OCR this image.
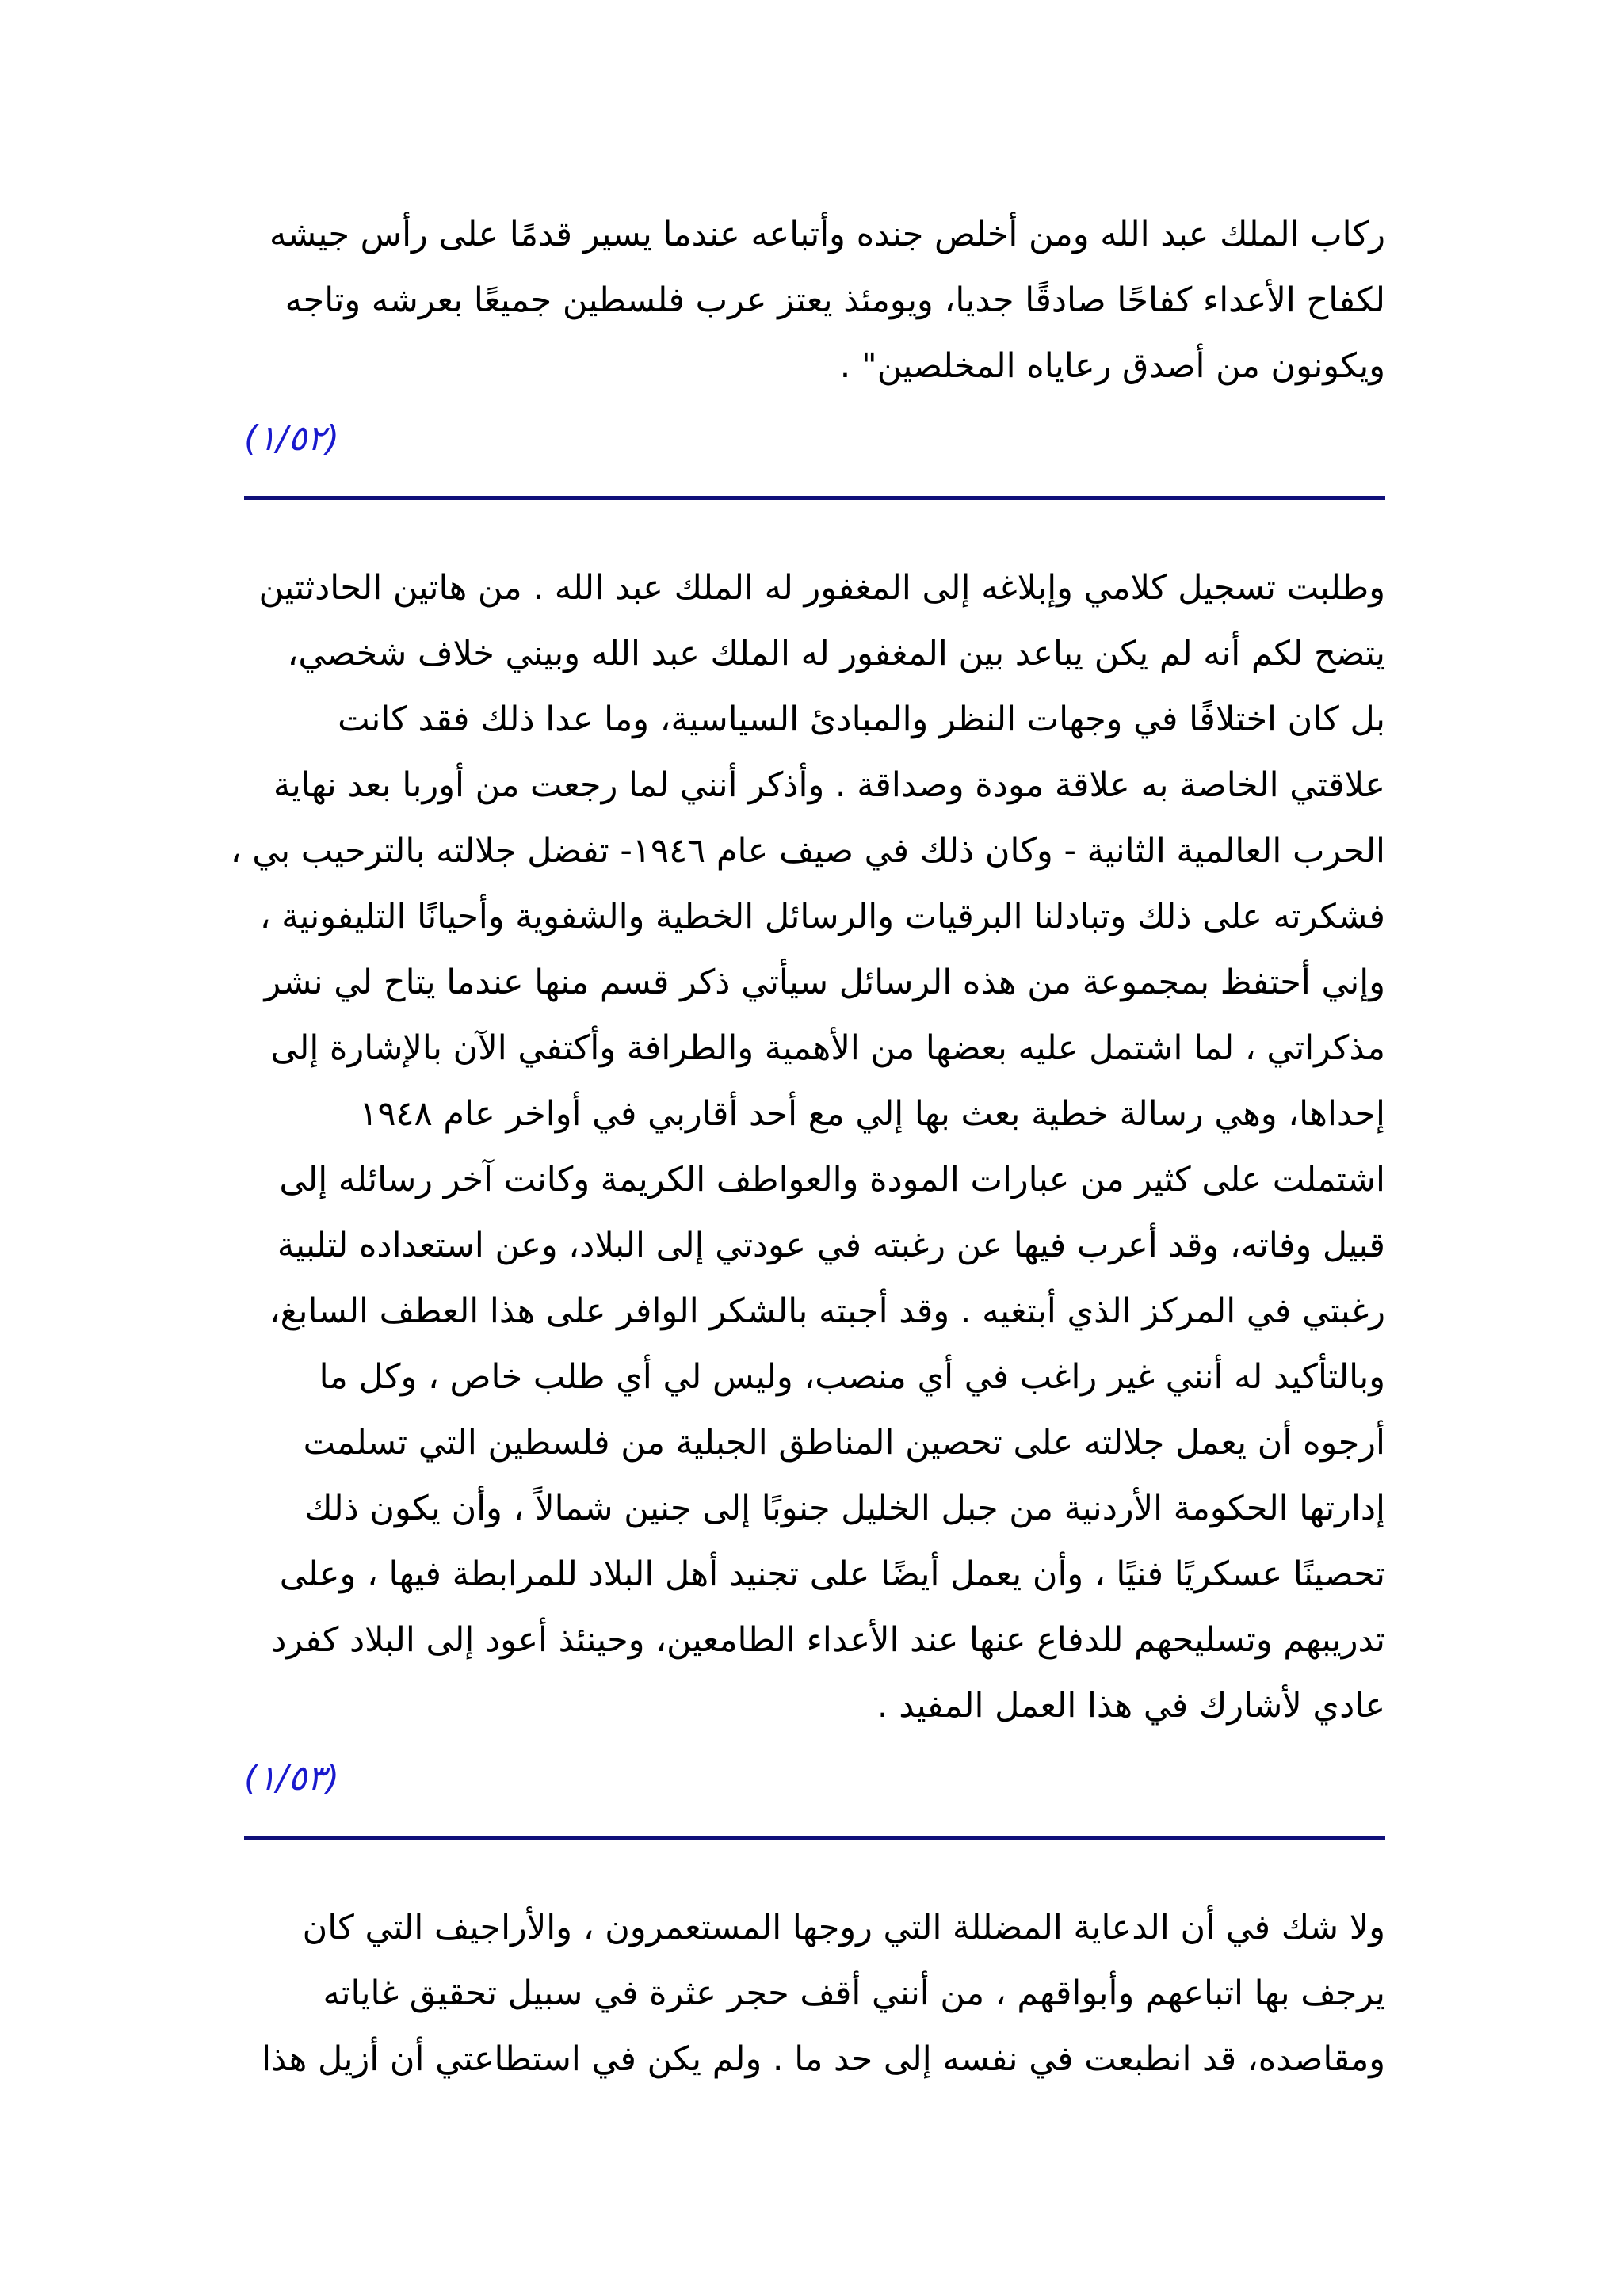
ركاب الملك عبد الله ومن أخلص جنده وأتباعه عندما يسير قدمًا على رأس جيشه
لكفاح الأعداء كفاحًا صادقًا جديا، ويومئذ يعتز عرب فلسطين جميعًا بعرشه وتاجه
ويكونون من أصدق رعاياه المخلصين" .
(١/٥٢)
وطلبت تسجيل كلامي وإبلاغه إلى المغفور له الملك عبد الله . من هاتين الحادثتين
يتضح لكم أنه لم يكن يباعد بين المغفور له الملك عبد الله وبيني خلاف شخصي،
بل كان اختلافًا في وجهات النظر والمبادئ السياسية، وما عدا ذلك فقد كانت
علاقتي الخاصة به علاقة مودة وصداقة . وأذكر أنني لما رجعت من أوربا بعد نهاية
الحرب العالمية الثانية - وكان ذلك في صيف عام ١٩٤٦- تفضل جلالته بالترحيب بي ،
فشكرته على ذلك وتبادلنا البرقيات والرسائل الخطية والشفوية وأحيانًا التليفونية ،
وإني أحتفظ بمجموعة من هذه الرسائل سيأتي ذكر قسم منها عندما يتاح لي نشر
مذكراتي ، لما اشتمل عليه بعضها من الأهمية والطرافة وأكتفي الآن بالإشارة إلى
إحداها، وهي رسالة خطية بعث بها إلي مع أحد أقاربي في أواخر عام ١٩٤٨
اشتملت على كثير من عبارات المودة والعواطف الكريمة وكانت آخر رسائله إلى
قبيل وفاته، وقد أعرب فيها عن رغبته في عودتي إلى البلاد، وعن استعداده لتلبية
رغبتي في المركز الذي أبتغيه . وقد أجبته بالشكر الوافر على هذا العطف السابغ،
وبالتأكيد له أنني غير راغب في أي منصب، وليس لي أي طلب خاص ، وكل ما
أرجوه أن يعمل جلالته على تحصين المناطق الجبلية من فلسطين التي تسلمت
إدارتها الحكومة الأردنية من جبل الخليل جنوبًا إلى جنين شمالاً ، وأن يكون ذلك
تحصينًا عسكريًا فنيًا ، وأن يعمل أيضًا على تجنيد أهل البلاد للمرابطة فيها ، وعلى
تدريبهم وتسليحهم للدفاع عنها عند الأعداء الطامعين، وحينئذ أعود إلى البلاد كفرد
عادي لأشارك في هذا العمل المفيد .
(١/٥٣)
ولا شك في أن الدعاية المضللة التي روجها المستعمرون ، والأراجيف التي كان
يرجف بها اتباعهم وأبواقهم ، من أنني أقف حجر عثرة في سبيل تحقيق غاياته
ومقاصده، قد انطبعت في نفسه إلى حد ما . ولم يكن في استطاعتي أن أزيل هذا
